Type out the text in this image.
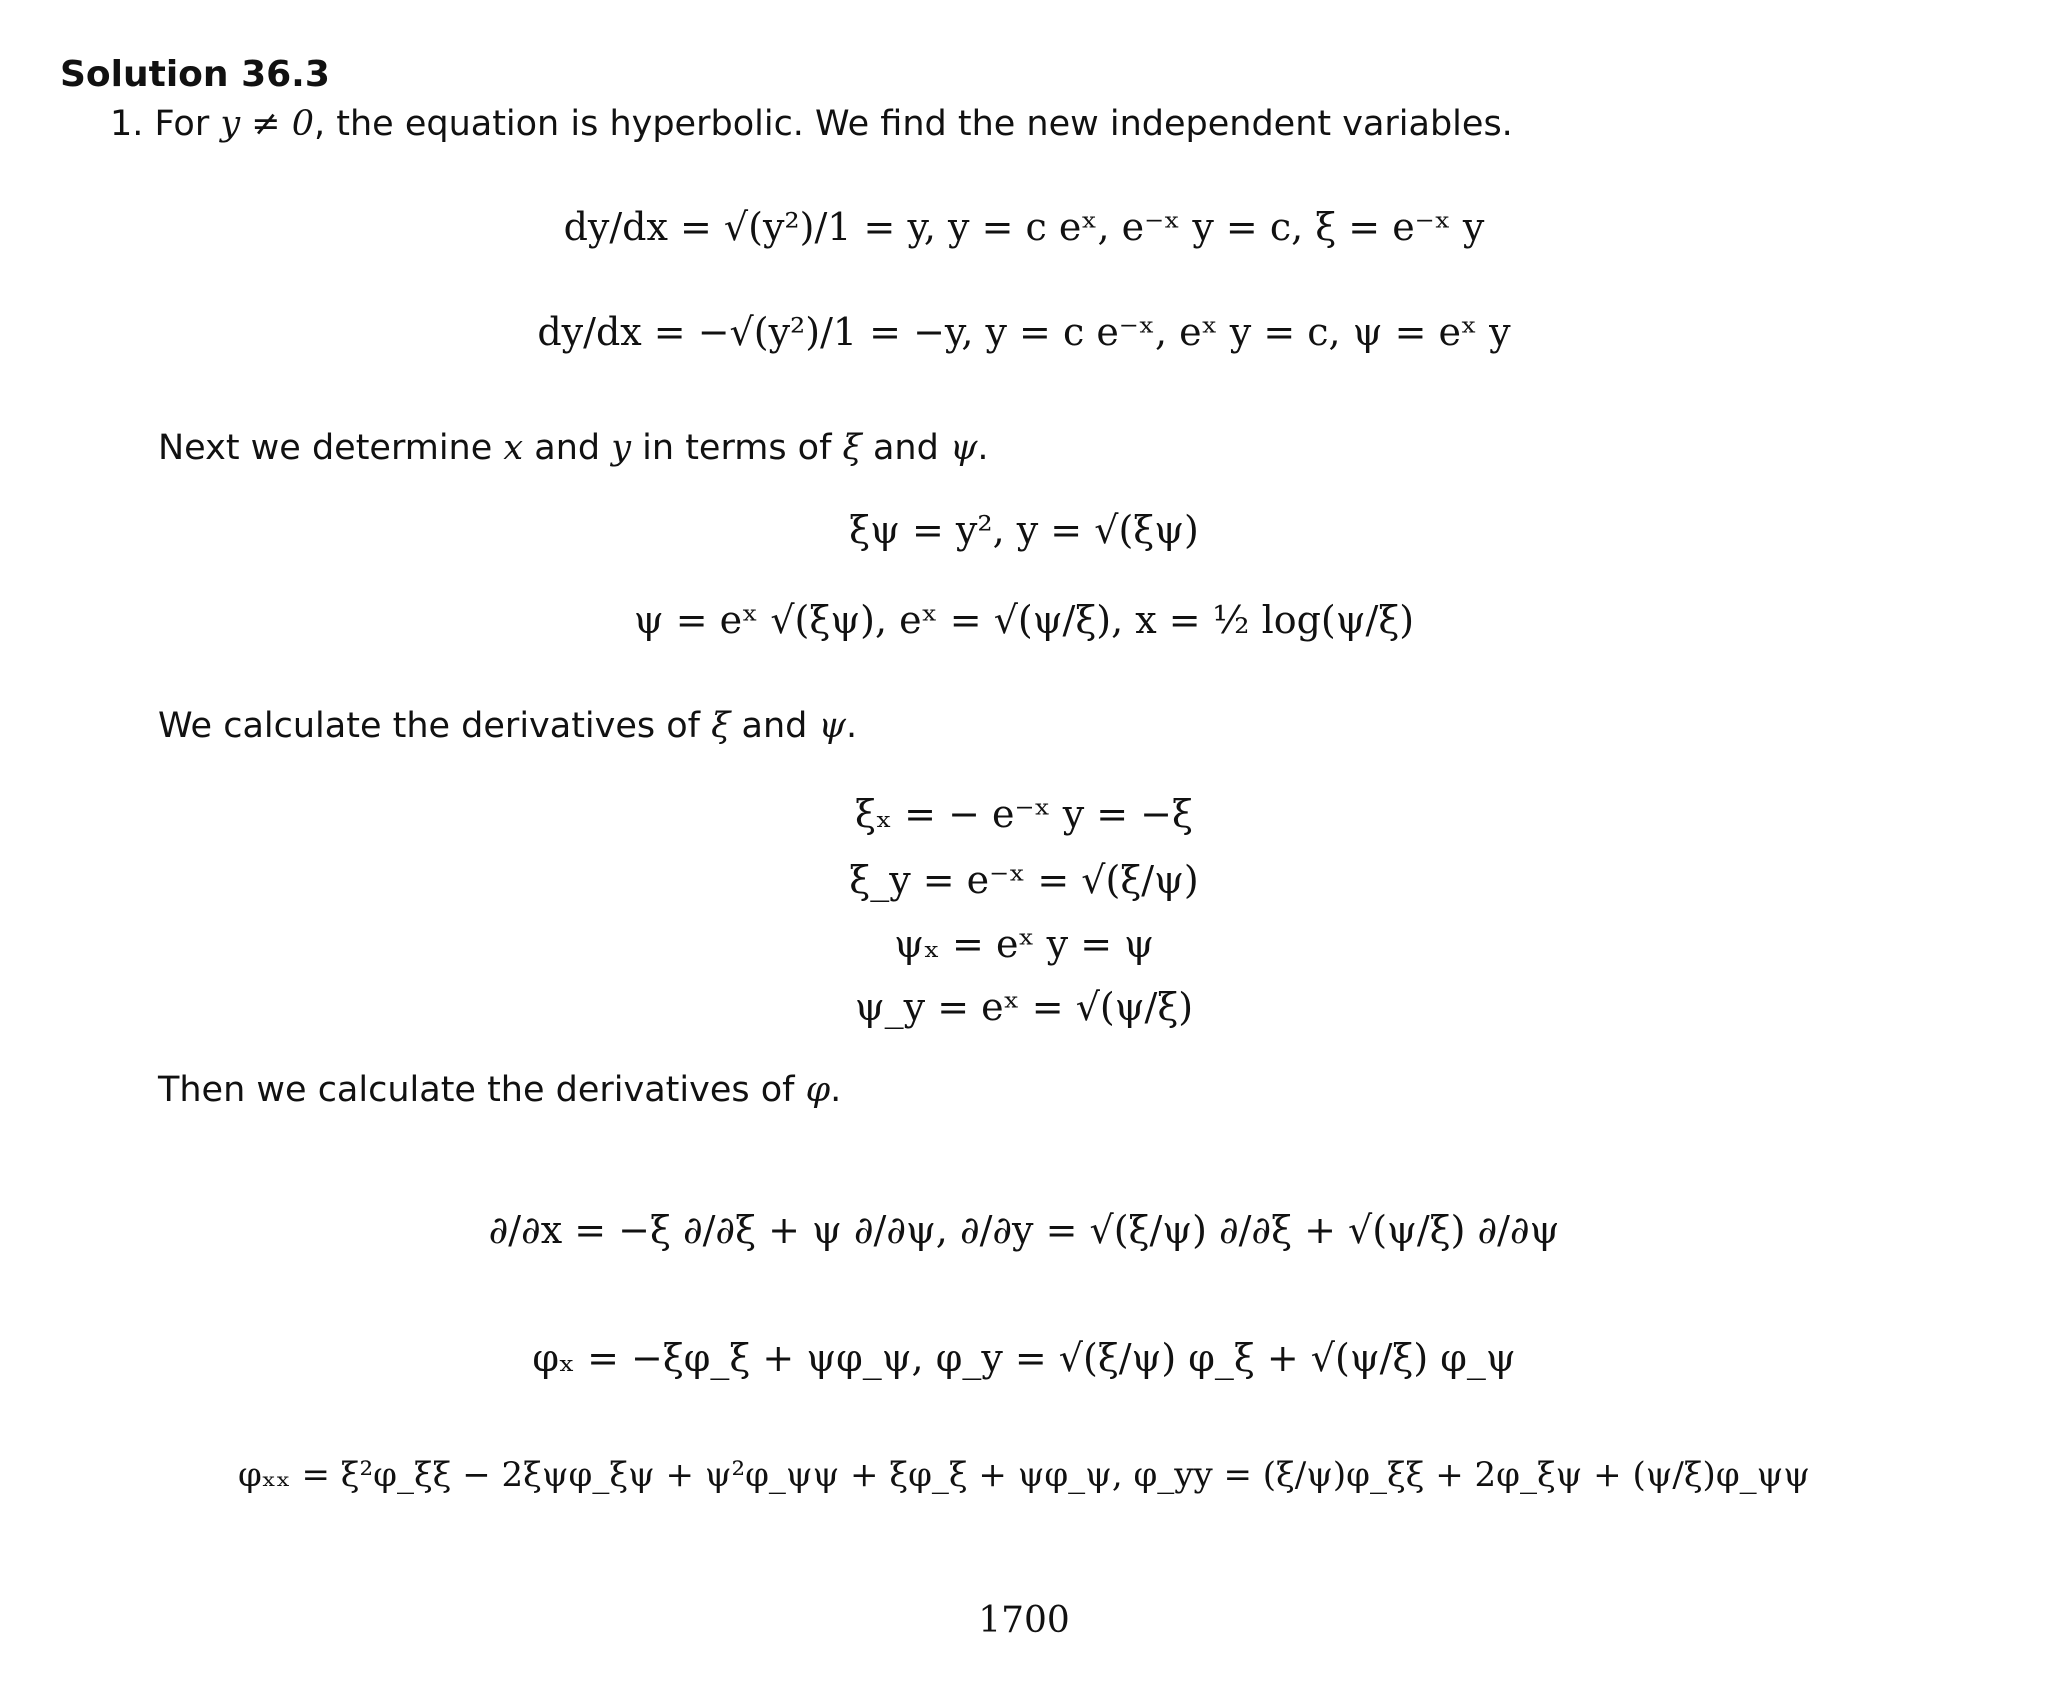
Solution 36.3
1. For y ≠ 0, the equation is hyperbolic. We find the new independent variables.
dy/dx = √(y²)/1 = y, y = c eˣ, e⁻ˣ y = c, ξ = e⁻ˣ y
dy/dx = −√(y²)/1 = −y, y = c e⁻ˣ, eˣ y = c, ψ = eˣ y
Next we determine x and y in terms of ξ and ψ.
ξψ = y², y = √(ξψ)
ψ = eˣ √(ξψ), eˣ = √(ψ/ξ), x = ½ log(ψ/ξ)
We calculate the derivatives of ξ and ψ.
ξₓ = − e⁻ˣ y = −ξ
ξ_y = e⁻ˣ = √(ξ/ψ)
ψₓ = eˣ y = ψ
ψ_y = eˣ = √(ψ/ξ)
Then we calculate the derivatives of φ.
∂/∂x = −ξ ∂/∂ξ + ψ ∂/∂ψ, ∂/∂y = √(ξ/ψ) ∂/∂ξ + √(ψ/ξ) ∂/∂ψ
φₓ = −ξφ_ξ + ψφ_ψ, φ_y = √(ξ/ψ) φ_ξ + √(ψ/ξ) φ_ψ
φₓₓ = ξ²φ_ξξ − 2ξψφ_ξψ + ψ²φ_ψψ + ξφ_ξ + ψφ_ψ, φ_yy = (ξ/ψ)φ_ξξ + 2φ_ξψ + (ψ/ξ)φ_ψψ
1700
